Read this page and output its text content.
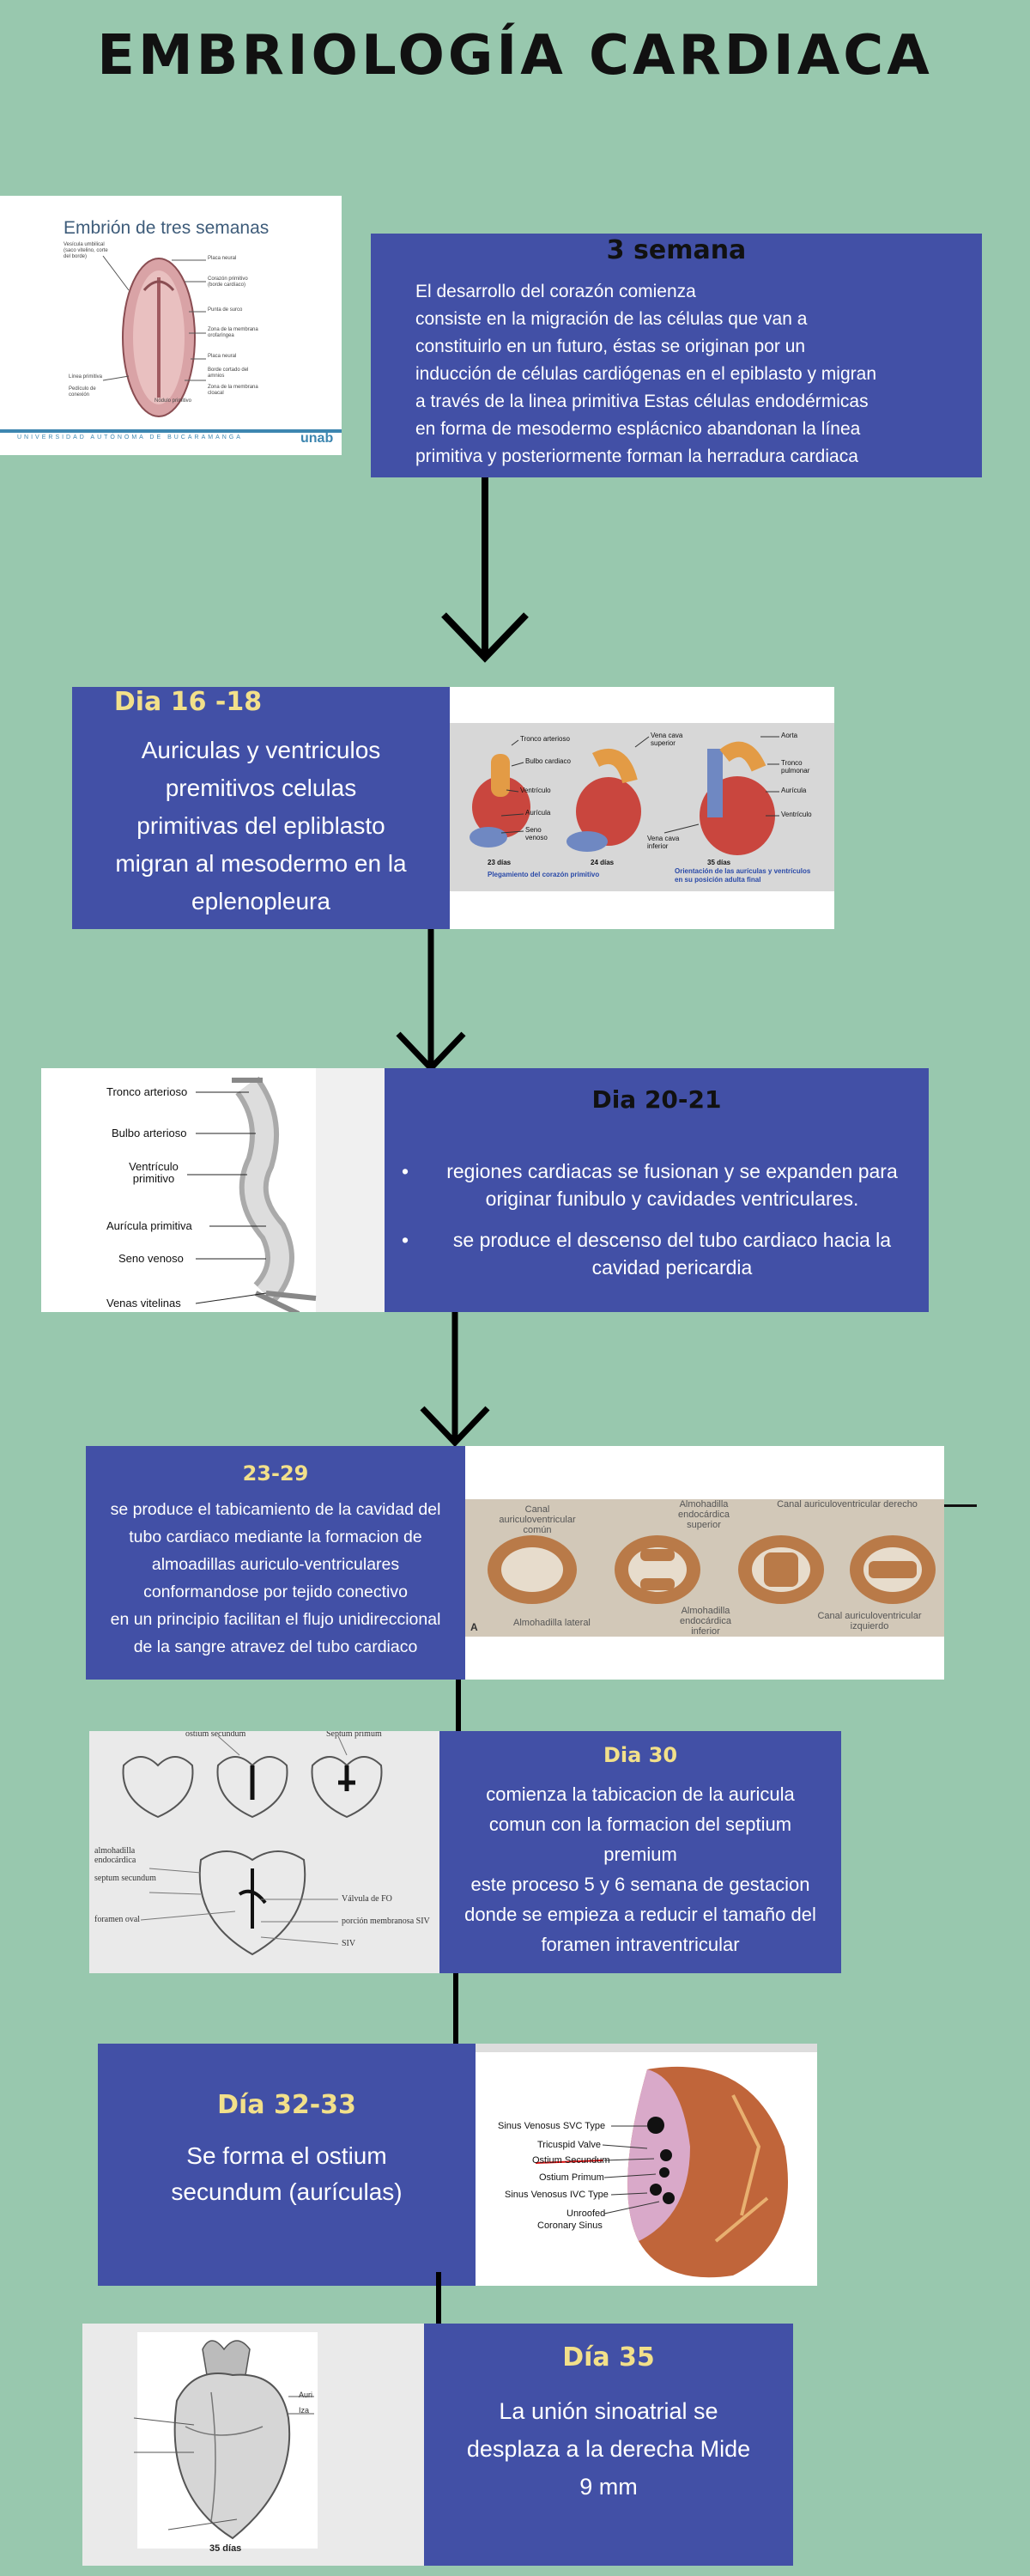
EMBRIOLOGÍA CARDIACA
Embrión de tres semanas
Vesícula umbilical (saco vitelino, corte del borde)	Placa neural
Corazón primitivo (borde cardíaco)
Punta de surco
Zona de la membrana orofaríngea
Placa neural
Borde cortado del amnios
Línea primitiva
Zona de la membrana cloacal
Pedículo de conexión
Nódulo primitivo
UNIVERSIDAD AUTÓNOMA DE BUCARAMANGA	unab
3 semana
El desarrollo del corazón comienza
consiste en la migración de las células que van a
constituirlo en un futuro, éstas se originan por un
inducción de células cardiógenas en el epiblasto y migran
a través de la linea primitiva Estas células endodérmicas
en forma de mesodermo esplácnico abandonan la línea
primitiva y posteriormente forman la herradura cardiaca
Dia 16 -18
Auriculas y ventriculos
premitivos celulas
primitivas del epliblasto
migran al mesodermo en la
eplenopleura
Tronco arterioso
Bulbo cardiaco
Ventrículo
Aurícula
Seno venoso
Vena cava superior
Aorta
Tronco pulmonar
Aurícula
Ventrículo
Vena cava inferior
23 días	24 días	35 días
Plegamiento del corazón primitivo	Orientación de las aurículas y ventrículos
en su posición adulta final
Tronco arterioso
Bulbo arterioso
Ventrículo primitivo
Aurícula primitiva
Seno venoso
Venas vitelinas
Dia 20-21
•	regiones cardiacas se fusionan y se expanden para originar funibulo y cavidades ventriculares.
•	se produce el descenso del tubo cardiaco hacia la cavidad pericardia
23-29
se produce el tabicamiento de la cavidad del
tubo cardiaco mediante la formacion de
almoadillas auriculo-ventriculares
conformandose por tejido conectivo
en un principio facilitan el flujo unidireccional
de la sangre atravez del tubo cardiaco
Canal auriculoventricular común
Almohadilla endocárdica superior
Canal auriculoventricular derecho
Almohadilla lateral
Almohadilla endocárdica inferior
Canal auriculoventricular izquierdo
A
ostium secundum	Septum primum
almohadilla endocárdica
septum secundum
Válvula de FO
foramen oval	porción membranosa SIV
SIV
Dia 30
comienza la tabicacion de la auricula
comun con la formacion del septium
premium
este proceso 5 y 6 semana de gestacion
donde se empieza a reducir el tamaño del
foramen intraventricular
Día 32-33
Se forma el ostium
secundum (aurículas)
Sinus Venosus SVC Type
Tricuspid Valve
Ostium Secundum
Ostium Primum
Sinus Venosus IVC Type
Unroofed
Coronary Sinus
Auri
Iza
35 días
Día 35
La unión sinoatrial se
desplaza a la derecha Mide
9 mm
